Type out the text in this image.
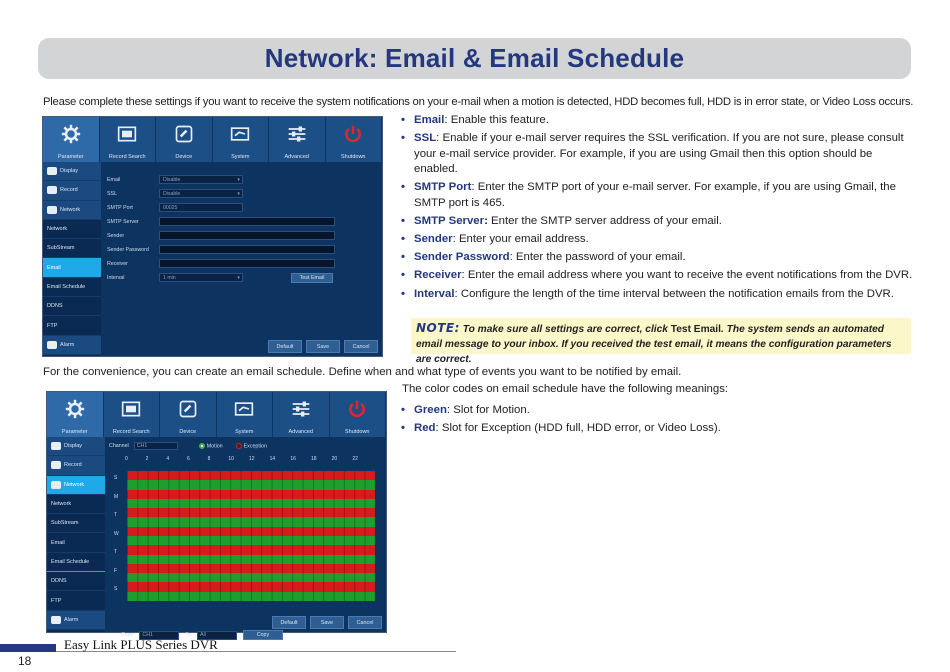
Network: Email & Email Schedule

Please complete these settings if you want to receive the system notifications on your e-mail when a motion is detected, HDD becomes full, HDD is in error state, or Video Loss occurs.

Parameter	Record Search	Device	System	Advanced	Shutdown
Display
Record
Network
Network
SubStream
Email
Email Schedule
DDNS
FTP
Alarm
Email	Disable ▾
SSL	Disable ▾
SMTP Port	00025
SMTP Server
Sender
Sender Password
Receiver
Interval	1 min ▾	Test Email
Default	Save	Cancel
• Email: Enable this feature.
• SSL: Enable if your e-mail server requires the SSL verification. If you are not sure, please consult your e-mail service provider. For example, if you are using Gmail then this option should be enabled.
• SMTP Port: Enter the SMTP port of your e-mail server. For example, if you are using Gmail, the SMTP port is 465.
• SMTP Server: Enter the SMTP server address of your email.
• Sender: Enter your email address.
• Sender Password: Enter the password of your email.
• Receiver: Enter the email address where you want to receive the event notifications from the DVR.
• Interval: Configure the length of the time interval between the notification emails from the DVR.
NOTE: To make sure all settings are correct, click Test Email. The system sends an automated email message to your inbox. If you received the test email, it means the configuration parameters are correct.

For the convenience, you can create an email schedule. Define when and what type of events you want to be notified by email.

The color codes on email schedule have the following meanings:

• Green: Slot for Motion.
• Red: Slot for Exception (HDD full, HDD error, or Video Loss).
Parameter	Record Search	Device	System	Advanced	Shutdown
Display
Record
Network
Network
SubStream
Email
Email Schedule
DDNS
FTP
Alarm
Channel	CH1	Motion	Exception
0	2	4	6	8	10	12	14	16	18	20	22
S
M
T
W
T
F
S
Copy	CH1	To	All	Copy
Default	Save	Cancel
Easy Link PLUS Series DVR
18
